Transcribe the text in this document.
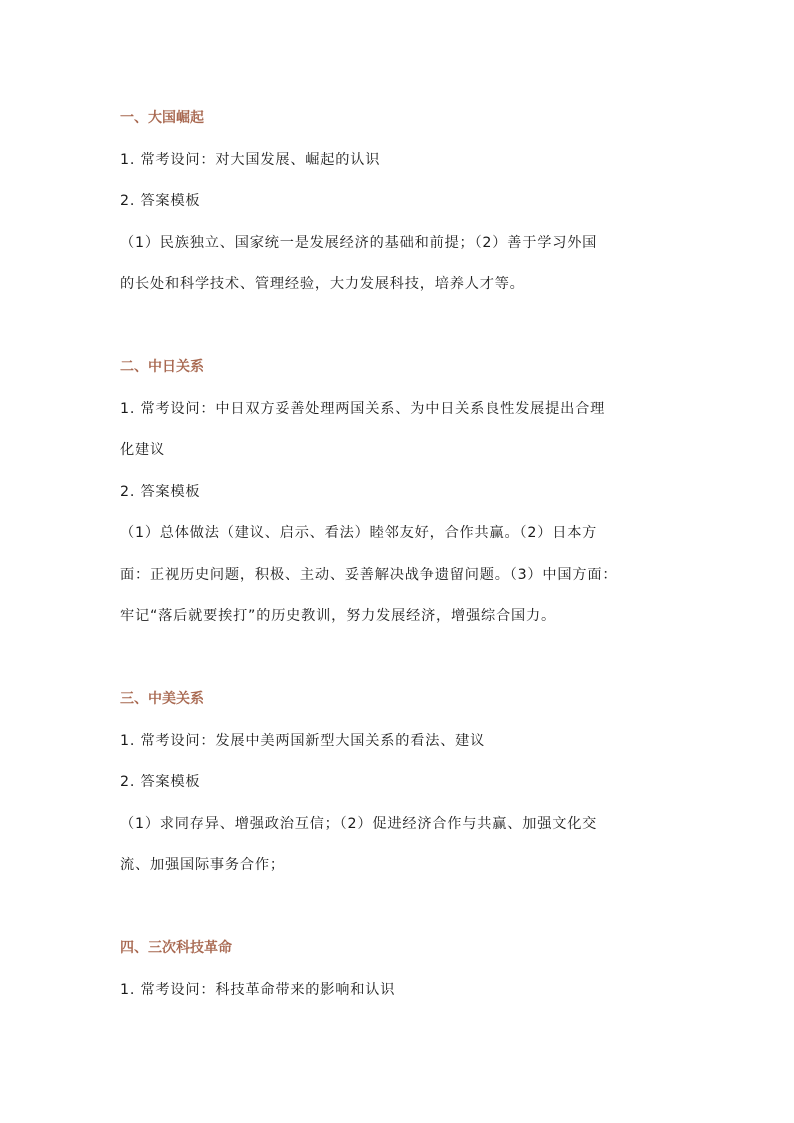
一、大国崛起
1. 常考设问：对大国发展、崛起的认识
2. 答案模板
（1）民族独立、国家统一是发展经济的基础和前提；（2）善于学习外国
的长处和科学技术、管理经验，大力发展科技，培养人才等。
二、中日关系
1. 常考设问：中日双方妥善处理两国关系、为中日关系良性发展提出合理
化建议
2. 答案模板
（1）总体做法（建议、启示、看法）睦邻友好，合作共赢。（2）日本方
面：正视历史问题，积极、主动、妥善解决战争遗留问题。（3）中国方面：
牢记“落后就要挨打”的历史教训，努力发展经济，增强综合国力。
三、中美关系
1. 常考设问：发展中美两国新型大国关系的看法、建议
2. 答案模板
（1）求同存异、增强政治互信；（2）促进经济合作与共赢、加强文化交
流、加强国际事务合作；
四、三次科技革命
1. 常考设问：科技革命带来的影响和认识
